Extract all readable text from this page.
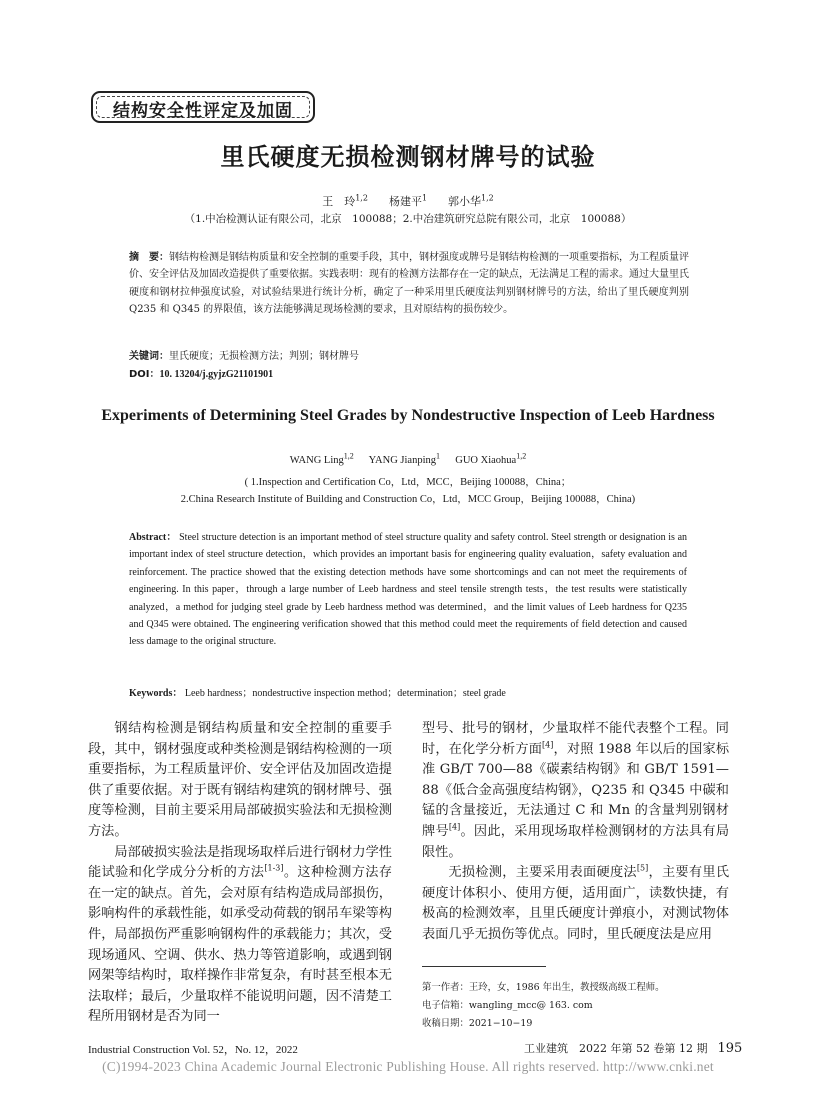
结构安全性评定及加固
里氏硬度无损检测钢材牌号的试验
王　玲$^{1,2}$ 杨建平$^1$ 郭小华$^{1,2}$
（1.中冶检测认证有限公司，北京　100088；2.中冶建筑研究总院有限公司，北京　100088）
摘　要：钢结构检测是钢结构质量和安全控制的重要手段，其中，钢材强度或牌号是钢结构检测的一项重要指标，为工程质量评价、安全评估及加固改造提供了重要依据。实践表明：现有的检测方法都存在一定的缺点，无法满足工程的需求。通过大量里氏硬度和钢材拉伸强度试验，对试验结果进行统计分析，确定了一种采用里氏硬度法判别钢材牌号的方法，给出了里氏硬度判别 Q235 和 Q345 的界限值，该方法能够满足现场检测的要求，且对原结构的损伤较少。
关键词：里氏硬度；无损检测方法；判别；钢材牌号
DOI：10. 13204/j.gyjzG21101901
Experiments of Determining Steel Grades by Nondestructive Inspection of Leeb Hardness
WANG Ling$^{1,2}$ YANG Jianping$^1$ GUO Xiaohua$^{1,2}$
( 1.Inspection and Certification Co，Ltd，MCC，Beijing 100088，China；
2.China Research Institute of Building and Construction Co，Ltd，MCC Group，Beijing 100088，China)
Abstract： Steel structure detection is an important method of steel structure quality and safety control. Steel strength or designation is an important index of steel structure detection，which provides an important basis for engineering quality evaluation，safety evaluation and reinforcement. The practice showed that the existing detection methods have some shortcomings and can not meet the requirements of engineering. In this paper，through a large number of Leeb hardness and steel tensile strength tests，the test results were statistically analyzed，a method for judging steel grade by Leeb hardness method was determined，and the limit values of Leeb hardness for Q235 and Q345 were obtained. The engineering verification showed that this method could meet the requirements of field detection and caused less damage to the original structure.
Keywords： Leeb hardness；nondestructive inspection method；determination；steel grade

钢结构检测是钢结构质量和安全控制的重要手段，其中，钢材强度或种类检测是钢结构检测的一项重要指标，为工程质量评价、安全评估及加固改造提供了重要依据。对于既有钢结构建筑的钢材牌号、强度等检测，目前主要采用局部破损实验法和无损检测方法。

局部破损实验法是指现场取样后进行钢材力学性能试验和化学成分分析的方法[1-3]。这种检测方法存在一定的缺点。首先，会对原有结构造成局部损伤，影响构件的承载性能，如承受动荷载的钢吊车梁等构件，局部损伤严重影响钢构件的承载能力；其次，受现场通风、空调、供水、热力等管道影响，或遇到钢网架等结构时，取样操作非常复杂，有时甚至根本无法取样；最后，少量取样不能说明问题，因不清楚工程所用钢材是否为同一

型号、批号的钢材，少量取样不能代表整个工程。同时，在化学分析方面[4]，对照 1988 年以后的国家标准 GB/T 700—88《碳素结构钢》和 GB/T 1591—88《低合金高强度结构钢》，Q235 和 Q345 中碳和锰的含量接近，无法通过 C 和 Mn 的含量判别钢材牌号[4]。因此，采用现场取样检测钢材的方法具有局限性。

无损检测，主要采用表面硬度法[5]，主要有里氏硬度计体积小、使用方便，适用面广，读数快捷，有极高的检测效率，且里氏硬度计弹痕小，对测试物体表面几乎无损伤等优点。同时，里氏硬度法是应用

第一作者：王玲，女，1986 年出生，教授级高级工程师。
电子信箱：wangling_mcc@ 163. com
收稿日期：2021−10−19
Industrial Construction Vol. 52，No. 12，2022	工业建筑　2022 年第 52 卷第 12 期 195
(C)1994-2023 China Academic Journal Electronic Publishing House. All rights reserved. http://www.cnki.net
